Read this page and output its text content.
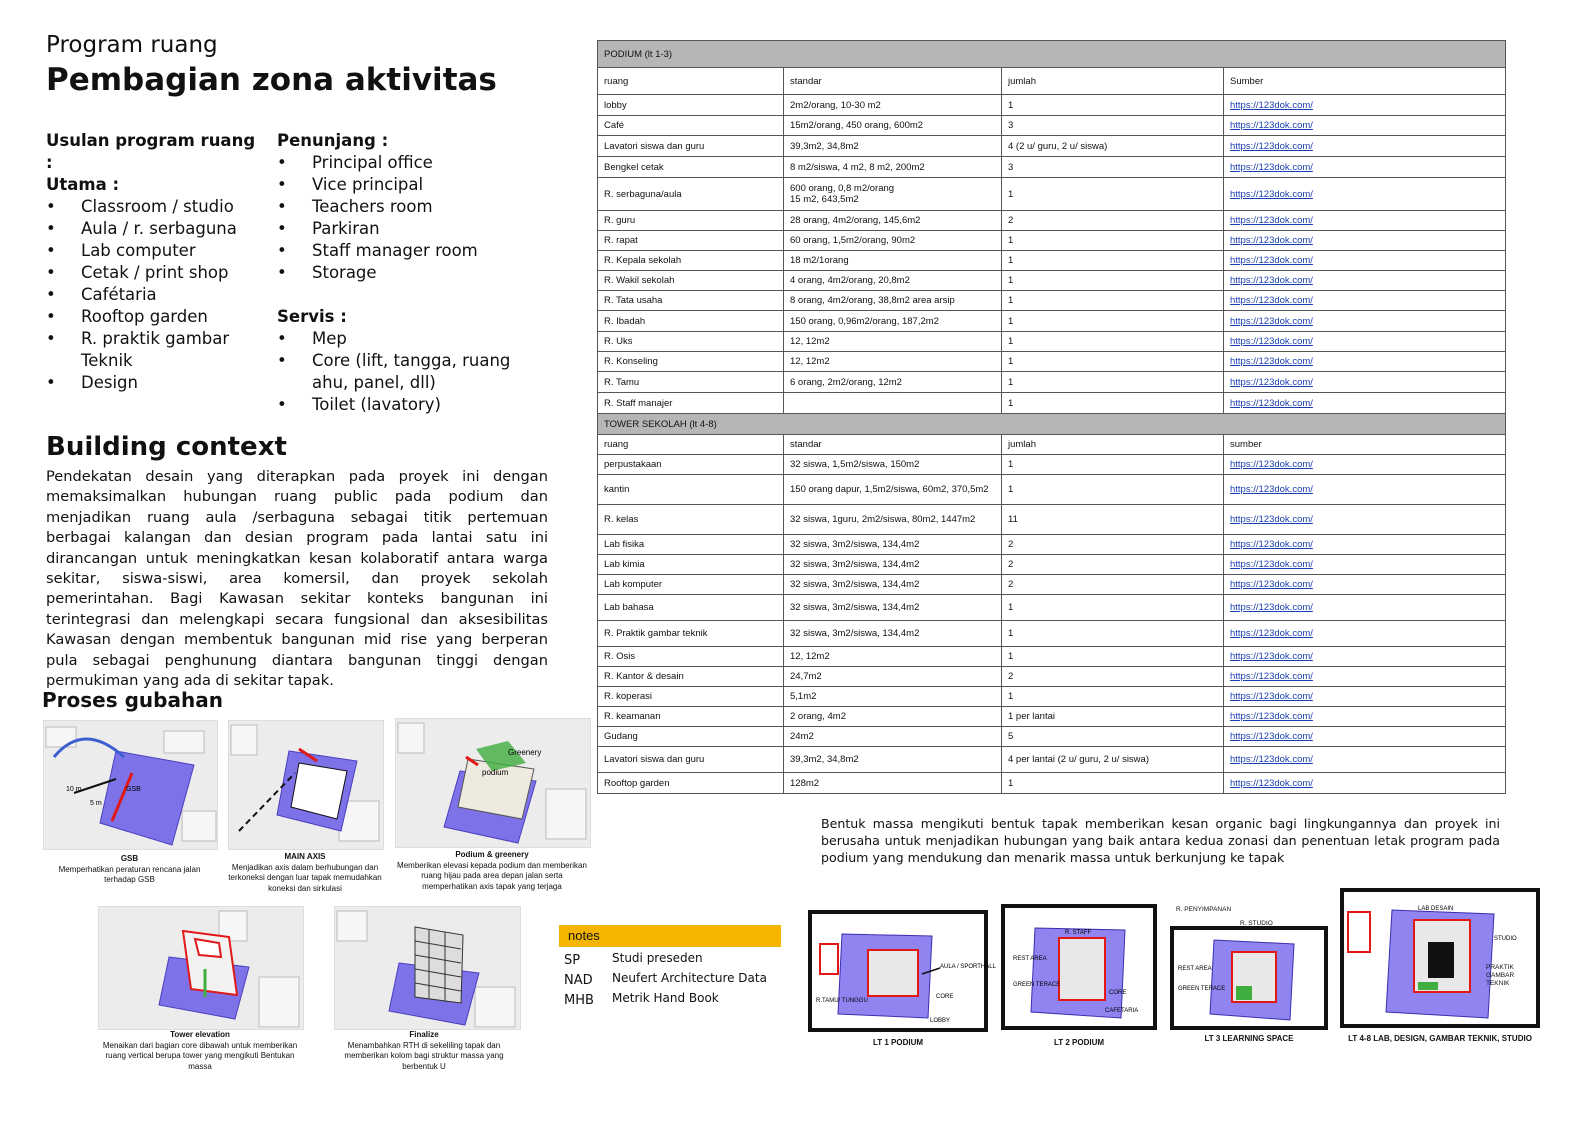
Program ruang
Pembagian zona aktivitas
Usulan program ruang :
Utama :
• Classroom / studio
• Aula / r. serbaguna
• Lab computer
• Cetak / print shop
• Cafétaria
• Rooftop garden
• R. praktik gambar Teknik
• Design
Penunjang :
• Principal office
• Vice principal
• Teachers room
• Parkiran
• Staff manager room
• Storage
Servis :
• Mep
• Core (lift, tangga, ruang ahu, panel, dll)
• Toilet (lavatory)
Building context
Pendekatan desain yang diterapkan pada proyek ini dengan memaksimalkan hubungan ruang public pada podium dan menjadikan ruang aula /serbaguna sebagai titik pertemuan berbagai kalangan dan desian program pada lantai satu ini dirancangan untuk meningkatkan kesan kolaboratif antara warga sekitar, siswa-siswi, area komersil, dan proyek sekolah pemerintahan. Bagi Kawasan sekitar konteks bangunan ini terintegrasi dan melengkapi secara fungsional dan aksesibilitas Kawasan dengan membentuk bangunan mid rise yang berperan pula sebagai penghunung diantara bangunan tinggi dengan permukiman yang ada di sekitar tapak.
Proses gubahan
10 m
5 m
GSB
GSB
Memperhatikan peraturan rencana jalan terhadap GSB
MAIN AXIS
Menjadikan axis dalam berhubungan dan terkoneksi dengan luar tapak memudahkan koneksi dan sirkulasi
Greenery
podium
Podium & greenery
Memberikan elevasi kepada podium dan memberikan ruang hijau pada area depan jalan serta memperhatikan axis tapak yang terjaga
Tower elevation
Menaikan dari bagian core dibawah untuk memberikan ruang vertical berupa tower yang mengikuti Bentukan massa
Finalize
Menambahkan RTH di sekeliling tapak dan memberikan kolom bagi struktur massa yang berbentuk U
PODIUM (lt 1-3)			
ruang	standar	jumlah	Sumber
lobby	2m2/orang, 10-30 m2	1	https://123dok.com/
Café	15m2/orang, 450 orang, 600m2	3	https://123dok.com/
Lavatori siswa dan guru	39,3m2, 34,8m2	4 (2 u/ guru, 2 u/ siswa)	https://123dok.com/
Bengkel cetak	8 m2/siswa, 4 m2, 8 m2, 200m2	3	https://123dok.com/
R. serbaguna/aula	600 orang, 0,8 m2/orang
15 m2, 643,5m2	1	https://123dok.com/
R. guru	28 orang, 4m2/orang, 145,6m2	2	https://123dok.com/
R. rapat	60 orang, 1,5m2/orang, 90m2	1	https://123dok.com/
R. Kepala sekolah	18 m2/1orang	1	https://123dok.com/
R. Wakil sekolah	4 orang, 4m2/orang, 20,8m2	1	https://123dok.com/
R. Tata usaha	8 orang, 4m2/orang, 38,8m2 area arsip	1	https://123dok.com/
R. Ibadah	150 orang, 0,96m2/orang, 187,2m2	1	https://123dok.com/
R. Uks	12, 12m2	1	https://123dok.com/
R. Konseling	12, 12m2	1	https://123dok.com/
R. Tamu	6 orang, 2m2/orang, 12m2	1	https://123dok.com/
R. Staff manajer		1	https://123dok.com/
TOWER SEKOLAH (lt 4-8)			
ruang	standar	jumlah	sumber
perpustakaan	32 siswa, 1,5m2/siswa, 150m2	1	https://123dok.com/
kantin	150 orang dapur, 1,5m2/siswa, 60m2, 370,5m2	1	https://123dok.com/
R. kelas	32 siswa, 1guru, 2m2/siswa, 80m2, 1447m2	11	https://123dok.com/
Lab fisika	32 siswa, 3m2/siswa, 134,4m2	2	https://123dok.com/
Lab kimia	32 siswa, 3m2/siswa, 134,4m2	2	https://123dok.com/
Lab komputer	32 siswa, 3m2/siswa, 134,4m2	2	https://123dok.com/
Lab bahasa	32 siswa, 3m2/siswa, 134,4m2	1	https://123dok.com/
R. Praktik gambar teknik	32 siswa, 3m2/siswa, 134,4m2	1	https://123dok.com/
R. Osis	12, 12m2	1	https://123dok.com/
R. Kantor & desain	24,7m2	2	https://123dok.com/
R. koperasi	5,1m2	1	https://123dok.com/
R. keamanan	2 orang, 4m2	1 per lantai	https://123dok.com/
Gudang	24m2	5	https://123dok.com/
Lavatori siswa dan guru	39,3m2, 34,8m2	4 per lantai (2 u/ guru, 2 u/ siswa)	https://123dok.com/
Rooftop garden	128m2	1	https://123dok.com/
Bentuk massa mengikuti bentuk tapak memberikan kesan organic bagi lingkungannya dan proyek ini berusaha untuk menjadikan hubungan yang baik antara kedua zonasi dan penentuan letak program pada podium yang mendukung dan menarik massa untuk berkunjung ke tapak
notes
SP	Studi preseden
NAD Neufert Architecture Data
MHB Metrik Hand Book
AULA / SPORTHALL
CORE
LOBBY
R.TAMU/ TUNGGU
LT 1 PODIUM
R. STAFF
REST AREA
GREEN TERACE
CORE
CAFETARIA
LT 2 PODIUM
REST AREA
GREEN TERACE
R. PENYIMPANAN
R. STUDIO
LT 3 LEARNING SPACE
LAB DESAIN
STUDIO
PRAKTIK GAMBAR TEKNIK
LT 4-8 LAB, DESIGN, GAMBAR TEKNIK, STUDIO
